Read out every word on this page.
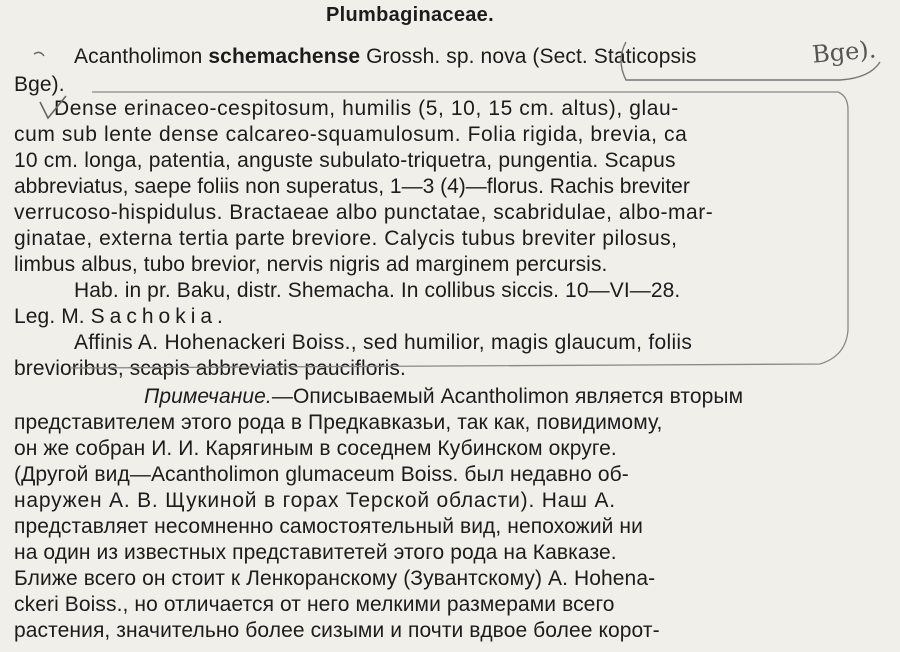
Plumbaginaceae.
Acantholimon schemachense Grossh. sp. nova (Sect. Staticopsis	Bge).
Bge).
Dense erinaceo-cespitosum, humilis (5, 10, 15 cm. altus), glau-
cum sub lente dense calcareo-squamulosum. Folia rigida, brevia, ca
10 cm. longa, patentia, anguste subulato-triquetra, pungentia. Scapus
abbreviatus, saepe foliis non superatus, 1—3 (4)—florus. Rachis breviter
verrucoso-hispidulus. Bractaeae albo punctatae, scabridulae, albo-mar-
ginatae, externa tertia parte breviore. Calycis tubus breviter pilosus,
limbus albus, tubo brevior, nervis nigris ad marginem percursis.
Hab. in pr. Baku, distr. Shemacha. In collibus siccis. 10—VI—28.
Leg. M. Sachokia.
Affinis A. Hohenackeri Boiss., sed humilior, magis glaucum, foliis
brevioribus, scapis abbreviatis paucifloris.
Примечание.—Описываемый Acantholimon является вторым
представителем этого рода в Предкавказьи, так как, повидимому,
он же собран И. И. Карягиным в соседнем Кубинском округе.
(Другой вид—Acantholimon glumaceum Boiss. был недавно об-
наружен А. В. Щукиной в горах Терской области). Наш А.
представляет несомненно самостоятельный вид, непохожий ни
на один из известных представитетей этого рода на Кавказе.
Ближе всего он стоит к Ленкоранскому (Зувантскому) А. Hohena-
ckeri Boiss., но отличается от него мелкими размерами всего
растения, значительно более сизыми и почти вдвое более корот-
